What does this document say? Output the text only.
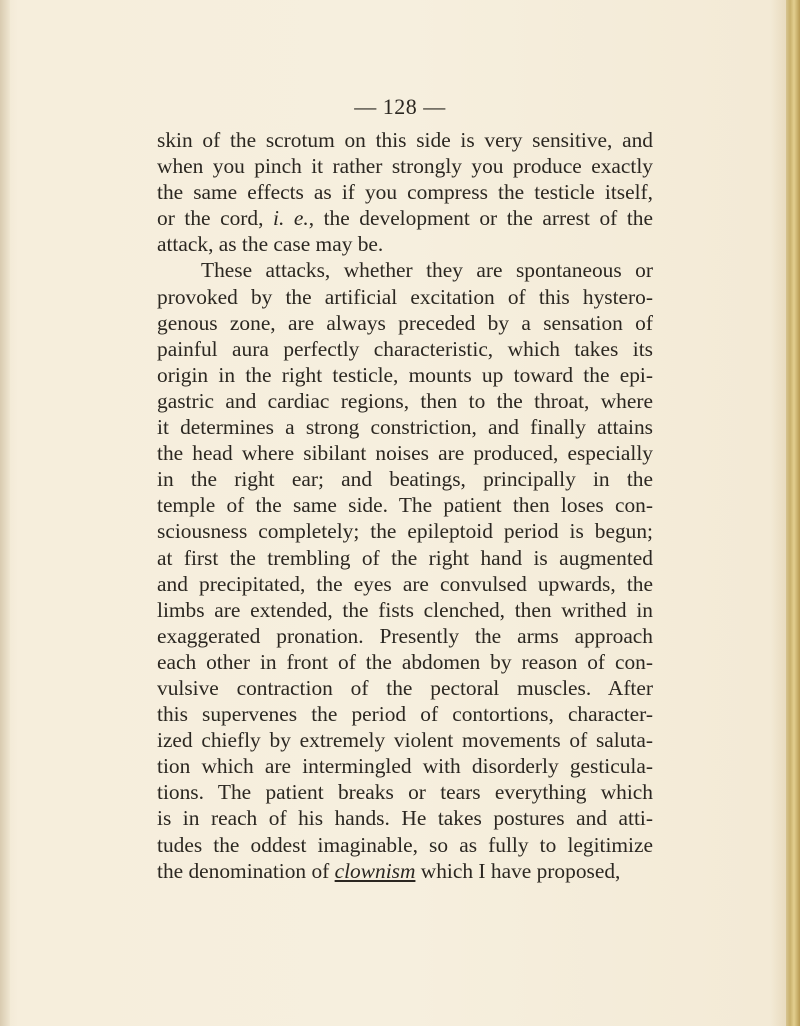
— 128 —
skin of the scrotum on this side is very sensitive, and
when you pinch it rather strongly you produce exactly
the same effects as if you compress the testicle itself,
or the cord, i. e., the development or the arrest of the
attack, as the case may be.
These attacks, whether they are spontaneous or
provoked by the artificial excitation of this hystero-
genous zone, are always preceded by a sensation of
painful aura perfectly characteristic, which takes its
origin in the right testicle, mounts up toward the epi-
gastric and cardiac regions, then to the throat, where
it determines a strong constriction, and finally attains
the head where sibilant noises are produced, especially
in the right ear; and beatings, principally in the
temple of the same side. The patient then loses con-
sciousness completely; the epileptoid period is begun;
at first the trembling of the right hand is augmented
and precipitated, the eyes are convulsed upwards, the
limbs are extended, the fists clenched, then writhed in
exaggerated pronation. Presently the arms approach
each other in front of the abdomen by reason of con-
vulsive contraction of the pectoral muscles. After
this supervenes the period of contortions, character-
ized chiefly by extremely violent movements of saluta-
tion which are intermingled with disorderly gesticula-
tions. The patient breaks or tears everything which
is in reach of his hands. He takes postures and atti-
tudes the oddest imaginable, so as fully to legitimize
the denomination of clownism which I have proposed,
